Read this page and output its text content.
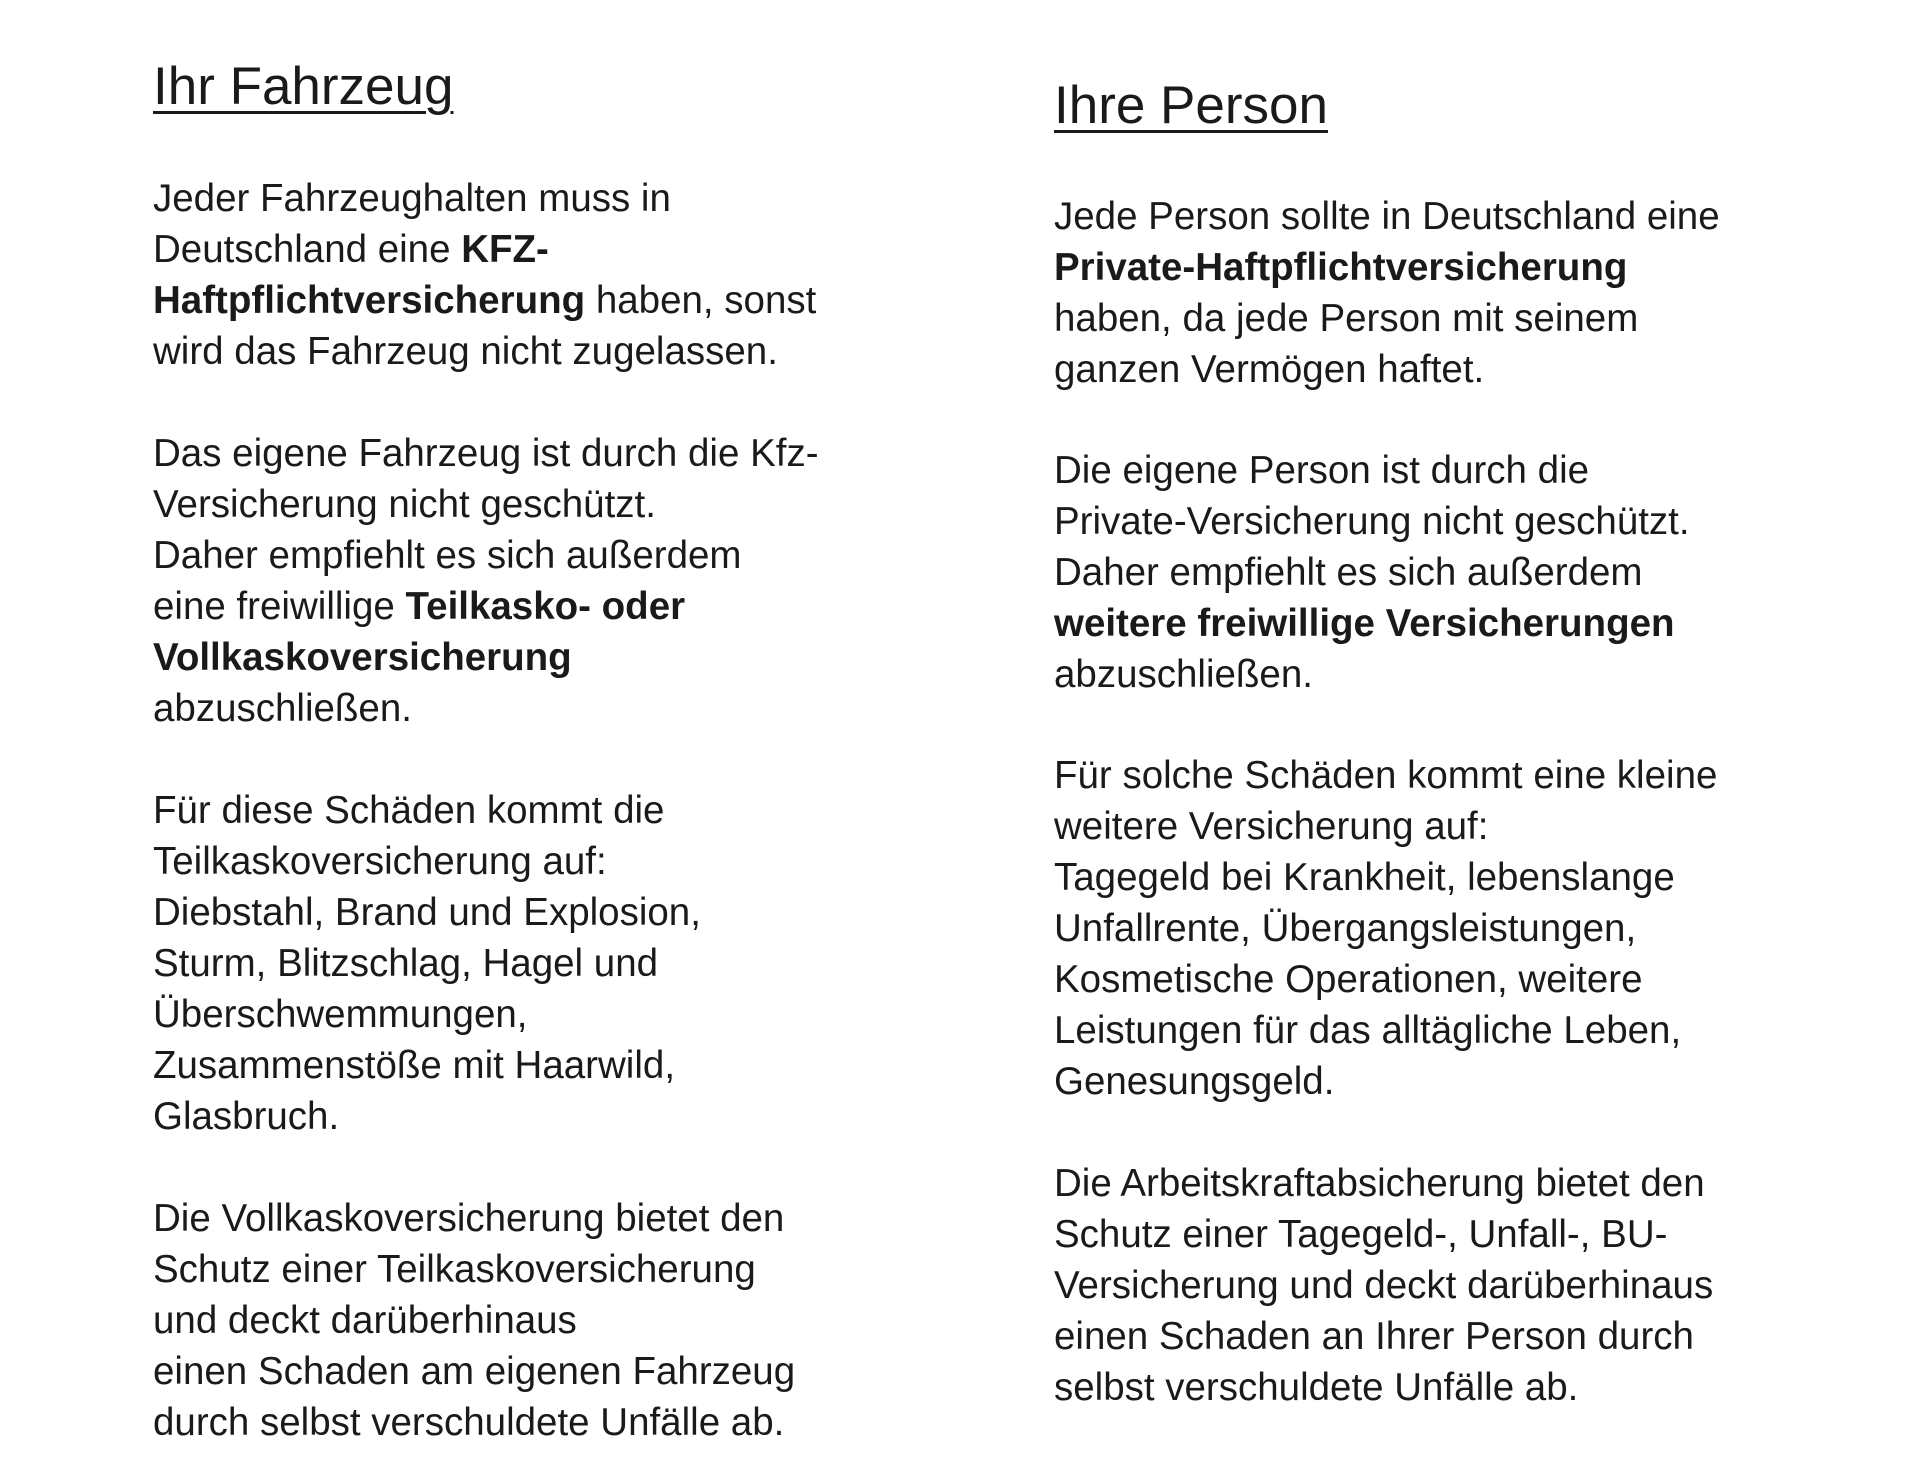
Ihr Fahrzeug

Jeder Fahrzeughalten muss in
Deutschland eine KFZ-
Haftpflichtversicherung haben, sonst
wird das Fahrzeug nicht zugelassen.

Das eigene Fahrzeug ist durch die Kfz-
Versicherung nicht geschützt.
Daher empfiehlt es sich außerdem
eine freiwillige Teilkasko- oder
Vollkaskoversicherung
abzuschließen.

Für diese Schäden kommt die
Teilkaskoversicherung auf:
Diebstahl, Brand und Explosion,
Sturm, Blitzschlag, Hagel und
Überschwemmungen,
Zusammenstöße mit Haarwild,
Glasbruch.

Die Vollkaskoversicherung bietet den
Schutz einer Teilkaskoversicherung
und deckt darüberhinaus
einen Schaden am eigenen Fahrzeug
durch selbst verschuldete Unfälle ab.

Ihre Person

Jede Person sollte in Deutschland eine
Private-Haftpflichtversicherung
haben, da jede Person mit seinem
ganzen Vermögen haftet.

Die eigene Person ist durch die
Private-Versicherung nicht geschützt.
Daher empfiehlt es sich außerdem
weitere freiwillige Versicherungen
abzuschließen.

Für solche Schäden kommt eine kleine
weitere Versicherung auf:
Tagegeld bei Krankheit, lebenslange
Unfallrente, Übergangsleistungen,
Kosmetische Operationen, weitere
Leistungen für das alltägliche Leben,
Genesungsgeld.

Die Arbeitskraftabsicherung bietet den
Schutz einer Tagegeld-, Unfall-, BU-
Versicherung und deckt darüberhinaus
einen Schaden an Ihrer Person durch
selbst verschuldete Unfälle ab.
